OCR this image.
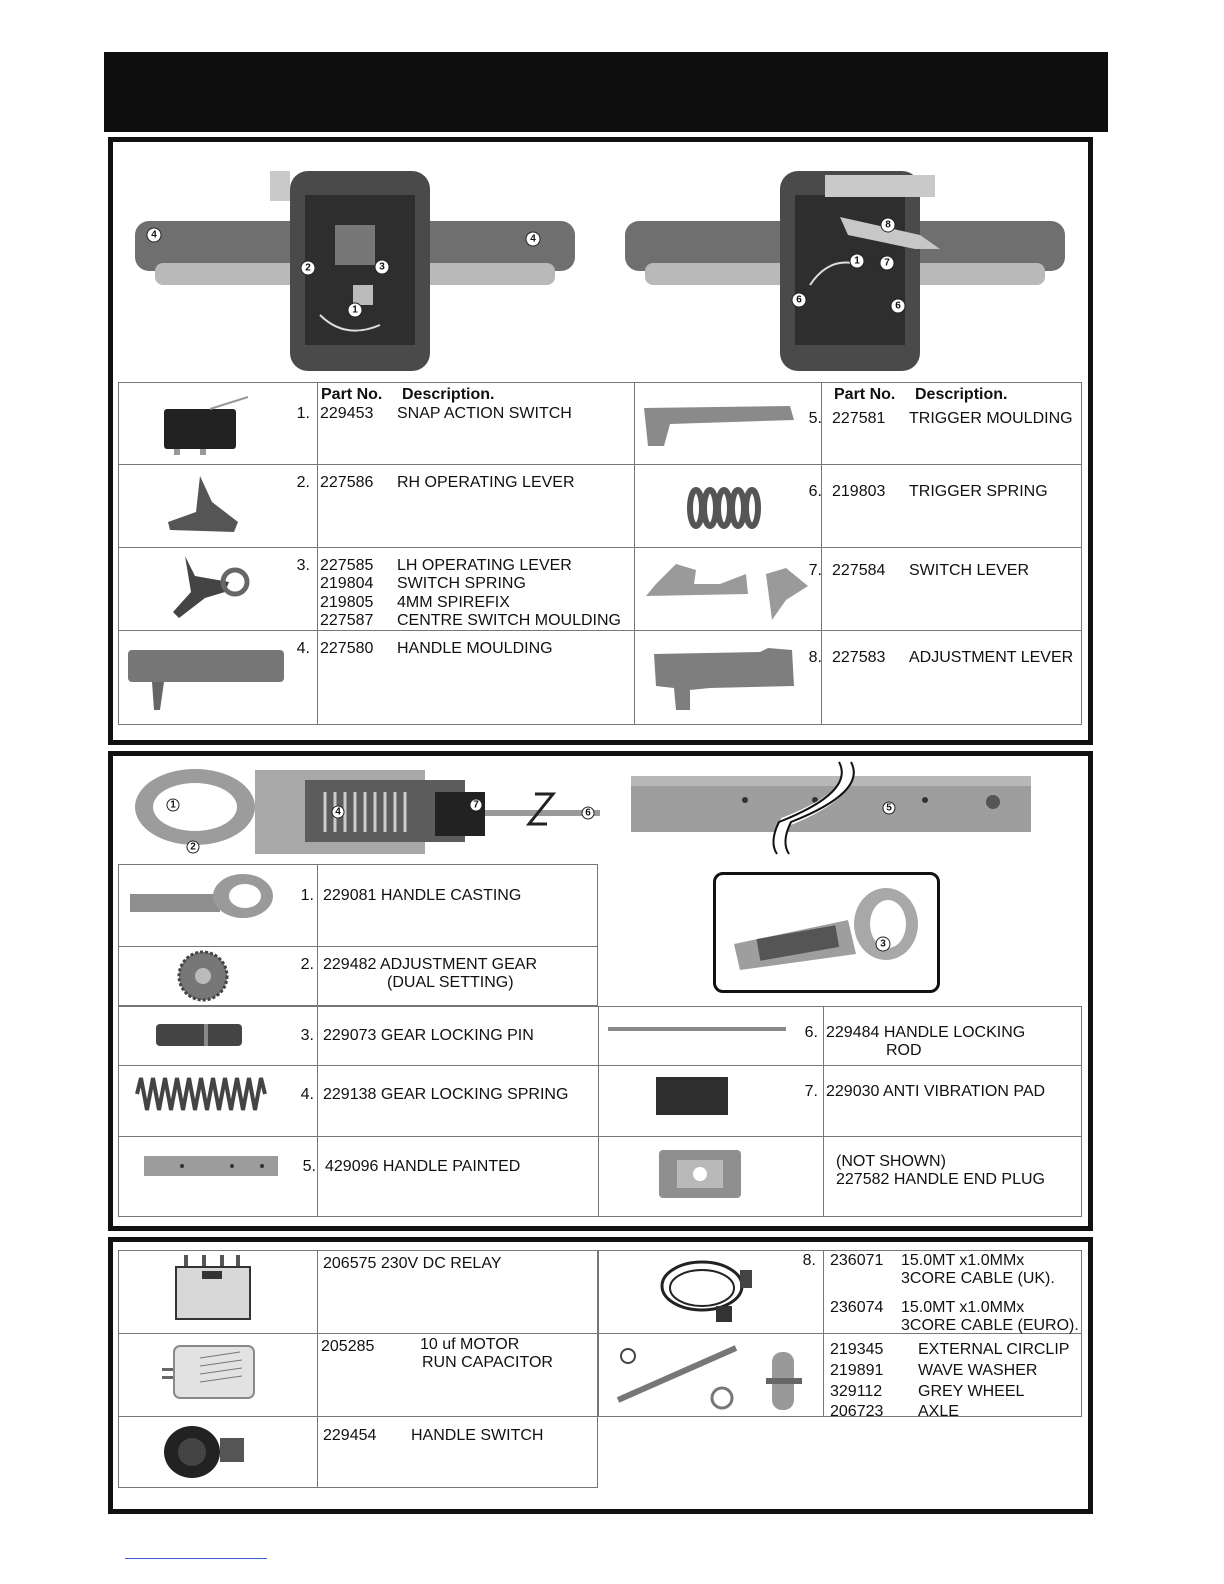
4	4
2	3
1
8
1 7
6
6
Part No. Description.	Part No. Description.
1. 229453 SNAP ACTION SWITCH
2. 227586 RH OPERATING LEVER
3. 227585 LH OPERATING LEVER
219804 SWITCH SPRING
219805 4MM SPIREFIX
227587 CENTRE SWITCH MOULDING
4. 227580 HANDLE MOULDING
5. 227581 TRIGGER MOULDING
6. 219803 TRIGGER SPRING
7. 227584 SWITCH LEVER
8. 227583 ADJUSTMENT LEVER
1
2
4
7
6	5
3
1. 229081 HANDLE CASTING
2. 229482 ADJUSTMENT GEAR
(DUAL SETTING)
3. 229073 GEAR LOCKING PIN
4. 229138 GEAR LOCKING SPRING
5. 429096 HANDLE PAINTED
6. 229484 HANDLE LOCKING
ROD
7. 229030 ANTI VIBRATION PAD
(NOT SHOWN)
227582 HANDLE END PLUG
206575 230V DC RELAY
205285	10 uf MOTOR
RUN CAPACITOR
229454 HANDLE SWITCH
8. 236071 15.0MT x1.0MMx
3CORE CABLE (UK).
236074 15.0MT x1.0MMx
3CORE CABLE (EURO).
219345 EXTERNAL CIRCLIP
219891 WAVE WASHER
329112 GREY WHEEL
206723 AXLE
